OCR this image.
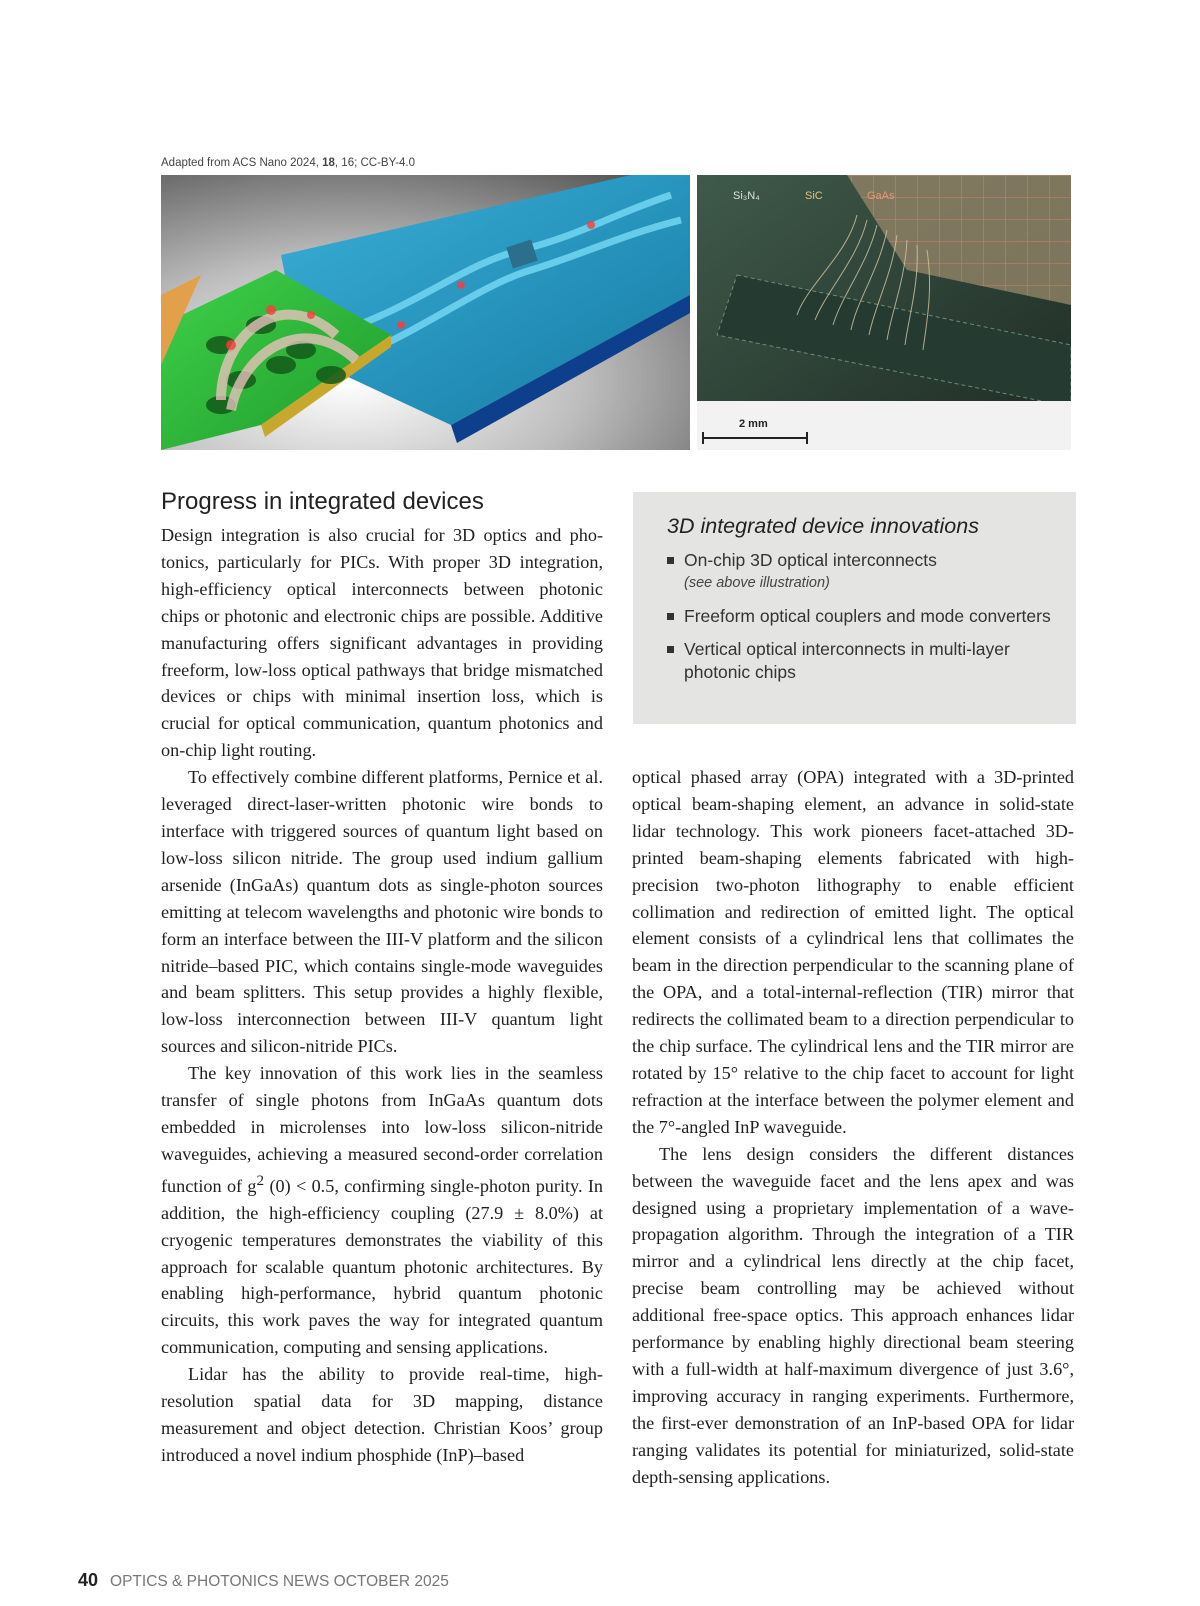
Adapted from ACS Nano 2024, 18, 16; CC-BY-4.0
Si₃N₄	SiC	GaAs
2 mm
Progress in integrated devices

Design integration is also crucial for 3D optics and photonics, particularly for PICs. With proper 3D integration, high-efficiency optical interconnects between photonic chips or photonic and electronic chips are possible. Additive manufacturing offers significant advantages in providing freeform, low-loss optical pathways that bridge mismatched devices or chips with minimal insertion loss, which is crucial for optical communication, quantum photonics and on-chip light routing.

To effectively combine different platforms, Pernice et al. leveraged direct-laser-written photonic wire bonds to interface with triggered sources of quantum light based on low-loss silicon nitride. The group used indium gallium arsenide (InGaAs) quantum dots as single-photon sources emitting at telecom wavelengths and photonic wire bonds to form an interface between the III-V platform and the silicon nitride–based PIC, which contains single-mode waveguides and beam splitters. This setup provides a highly flexible, low-loss interconnection between III-V quantum light sources and silicon-nitride PICs.

The key innovation of this work lies in the seamless transfer of single photons from InGaAs quantum dots embedded in microlenses into low-loss silicon-nitride waveguides, achieving a measured second-order correlation function of $g^2$ (0) < 0.5, confirming single-photon purity. In addition, the high-efficiency coupling (27.9 ± 8.0%) at cryogenic temperatures demonstrates the viability of this approach for scalable quantum photonic architectures. By enabling high-performance, hybrid quantum photonic circuits, this work paves the way for integrated quantum communication, computing and sensing applications.

Lidar has the ability to provide real-time, high-resolution spatial data for 3D mapping, distance measurement and object detection. Christian Koos’ group introduced a novel indium phosphide (InP)–based

3D integrated device innovations
On-chip 3D optical interconnects
(see above illustration)
Freeform optical couplers and mode converters
Vertical optical interconnects in multi-layer photonic chips

optical phased array (OPA) integrated with a 3D-printed optical beam-shaping element, an advance in solid-state lidar technology. This work pioneers facet-attached 3D-printed beam-shaping elements fabricated with high-precision two-photon lithography to enable efficient collimation and redirection of emitted light. The optical element consists of a cylindrical lens that collimates the beam in the direction perpendicular to the scanning plane of the OPA, and a total-internal-reflection (TIR) mirror that redirects the collimated beam to a direction perpendicular to the chip surface. The cylindrical lens and the TIR mirror are rotated by 15° relative to the chip facet to account for light refraction at the interface between the polymer element and the 7°-angled InP waveguide.

The lens design considers the different distances between the waveguide facet and the lens apex and was designed using a proprietary implementation of a wave-propagation algorithm. Through the integration of a TIR mirror and a cylindrical lens directly at the chip facet, precise beam controlling may be achieved without additional free-space optics. This approach enhances lidar performance by enabling highly directional beam steering with a full-width at half-maximum divergence of just 3.6°, improving accuracy in ranging experiments. Furthermore, the first-ever demonstration of an InP-based OPA for lidar ranging validates its potential for miniaturized, solid-state depth-sensing applications.

40 OPTICS & PHOTONICS NEWS OCTOBER 2025
